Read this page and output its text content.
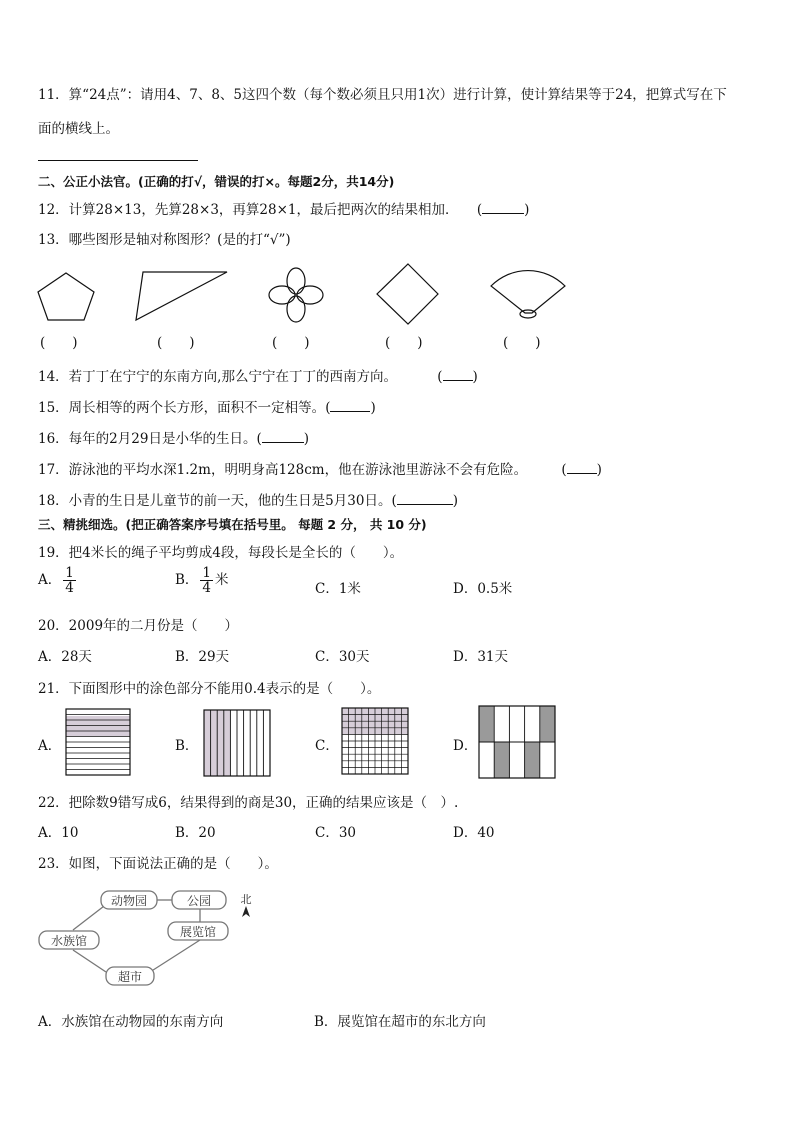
11．算“24点”：请用4、7、8、5这四个数（每个数必须且只用1次）进行计算，使计算结果等于24，把算式写在下
面的横线上。
二、公正小法官。(正确的打√，错误的打×。每题2分，共14分)
12．计算28×13，先算28×3，再算28×1，最后把两次的结果相加． (	)
13．哪些图形是轴对称图形？(是的打“√”)
(　　)	(　　)	(　　)	(　　)	(　　)
14．若丁丁在宁宁的东南方向,那么宁宁在丁丁的西南方向。	( )
15．周长相等的两个长方形，面积不一定相等。(	)
16．每年的2月29日是小华的生日。(	)
17．游泳池的平均水深1.2m，明明身高128cm，他在游泳池里游泳不会有危险。	( )
18．小青的生日是儿童节的前一天，他的生日是5月30日。(	)
三、精挑细选。(把正确答案序号填在括号里。 每题 2 分， 共 10 分)
19．把4米长的绳子平均剪成4段，每段长是全长的（　　）。
A． $\frac{1}{4}$	B． $\frac{1}{4}$ 米
C．1米	D．0.5米
20．2009年的二月份是（　　）
A．28天	B．29天	C．30天	D．31天
21．下面图形中的涂色部分不能用0.4表示的是（　　）。
A．	B．	C．	D．
22．把除数9错写成6，结果得到的商是30，正确的结果应该是（　）.
A．10	B．20	C．30	D．40
23．如图，下面说法正确的是（　　）。
动物园	公园
展览馆
水族馆
超市
北
A．水族馆在动物园的东南方向	B．展览馆在超市的东北方向
